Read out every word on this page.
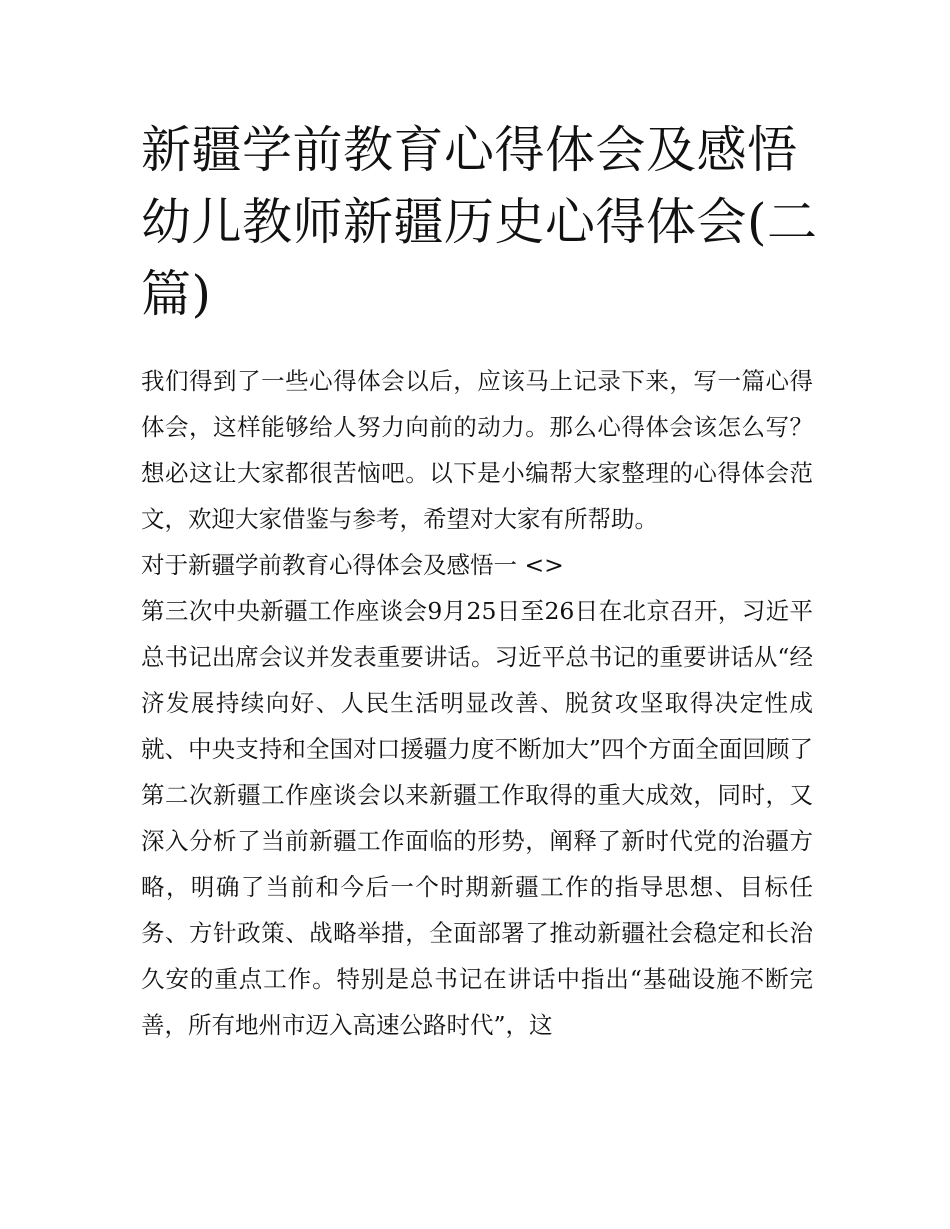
新疆学前教育心得体会及感悟幼儿教师新疆历史心得体会(二篇)

我们得到了一些心得体会以后，应该马上记录下来，写一篇心得体会，这样能够给人努力向前的动力。那么心得体会该怎么写？想必这让大家都很苦恼吧。以下是小编帮大家整理的心得体会范文，欢迎大家借鉴与参考，希望对大家有所帮助。

对于新疆学前教育心得体会及感悟一 <>

第三次中央新疆工作座谈会9月25日至26日在北京召开，习近平总书记出席会议并发表重要讲话。习近平总书记的重要讲话从“经济发展持续向好、人民生活明显改善、脱贫攻坚取得决定性成就、中央支持和全国对口援疆力度不断加大”四个方面全面回顾了第二次新疆工作座谈会以来新疆工作取得的重大成效，同时，又深入分析了当前新疆工作面临的形势，阐释了新时代党的治疆方略，明确了当前和今后一个时期新疆工作的指导思想、目标任务、方针政策、战略举措，全面部署了推动新疆社会稳定和长治久安的重点工作。特别是总书记在讲话中指出“基础设施不断完善，所有地州市迈入高速公路时代”，这
